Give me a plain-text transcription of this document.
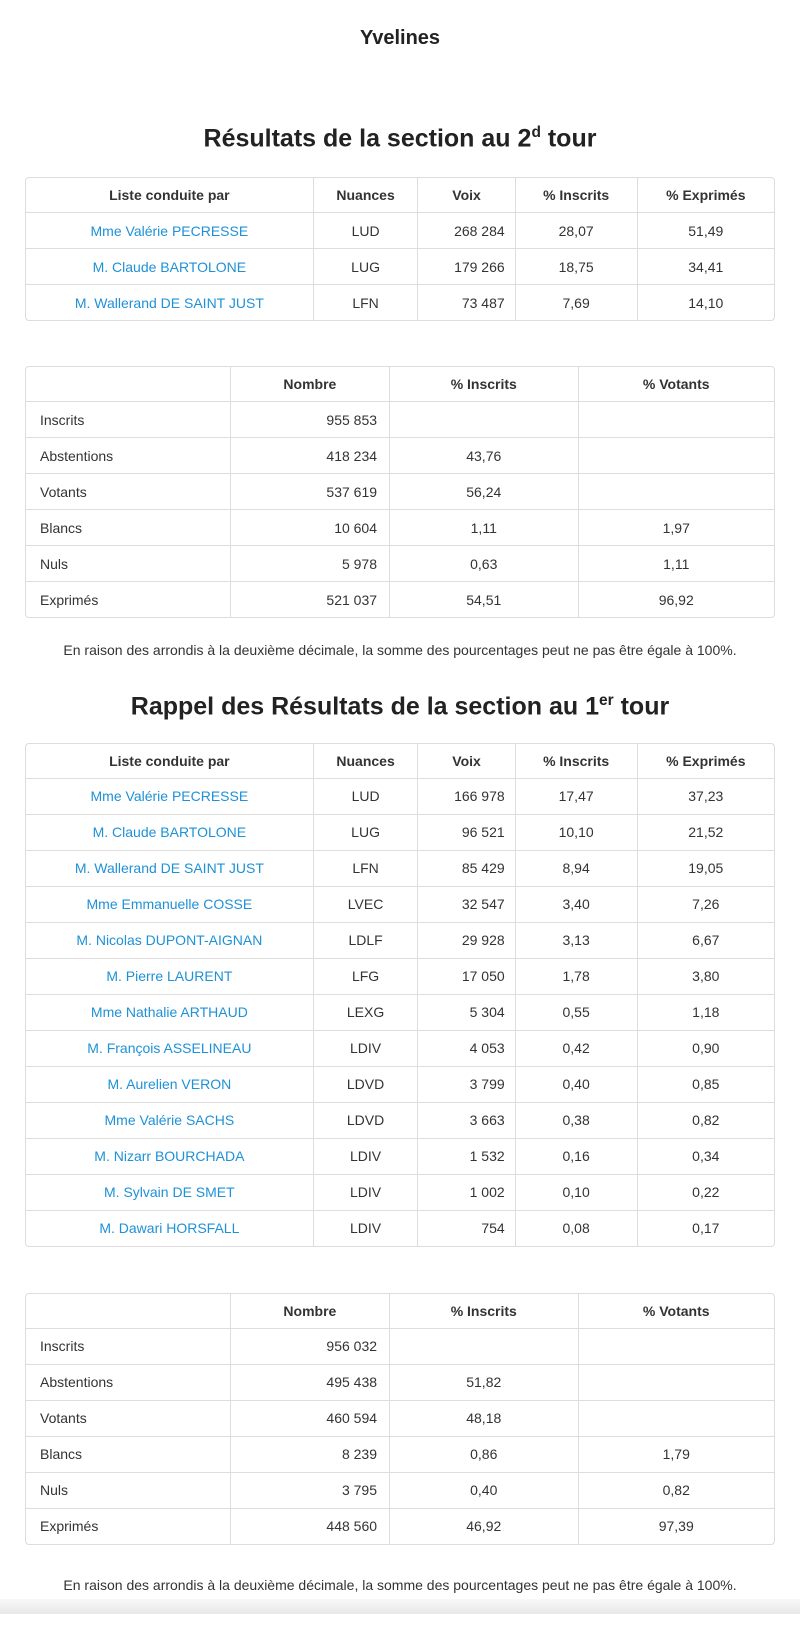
Yvelines
Résultats de la section au 2$^d$ tour
Liste conduite par	Nuances	Voix	% Inscrits	% Exprimés
Mme Valérie PECRESSE	LUD	268 284	28,07	51,49
M. Claude BARTOLONE	LUG	179 266	18,75	34,41
M. Wallerand DE SAINT JUST	LFN	73 487	7,69	14,10
	Nombre	% Inscrits	% Votants
Inscrits	955 853		
Abstentions	418 234	43,76	
Votants	537 619	56,24	
Blancs	10 604	1,11	1,97
Nuls	5 978	0,63	1,11
Exprimés	521 037	54,51	96,92

En raison des arrondis à la deuxième décimale, la somme des pourcentages peut ne pas être égale à 100%.

Rappel des Résultats de la section au 1er tour
Liste conduite par	Nuances	Voix	% Inscrits	% Exprimés
Mme Valérie PECRESSE	LUD	166 978	17,47	37,23
M. Claude BARTOLONE	LUG	96 521	10,10	21,52
M. Wallerand DE SAINT JUST	LFN	85 429	8,94	19,05
Mme Emmanuelle COSSE	LVEC	32 547	3,40	7,26
M. Nicolas DUPONT-AIGNAN	LDLF	29 928	3,13	6,67
M. Pierre LAURENT	LFG	17 050	1,78	3,80
Mme Nathalie ARTHAUD	LEXG	5 304	0,55	1,18
M. François ASSELINEAU	LDIV	4 053	0,42	0,90
M. Aurelien VERON	LDVD	3 799	0,40	0,85
Mme Valérie SACHS	LDVD	3 663	0,38	0,82
M. Nizarr BOURCHADA	LDIV	1 532	0,16	0,34
M. Sylvain DE SMET	LDIV	1 002	0,10	0,22
M. Dawari HORSFALL	LDIV	754	0,08	0,17
	Nombre	% Inscrits	% Votants
Inscrits	956 032		
Abstentions	495 438	51,82	
Votants	460 594	48,18	
Blancs	8 239	0,86	1,79
Nuls	3 795	0,40	0,82
Exprimés	448 560	46,92	97,39

En raison des arrondis à la deuxième décimale, la somme des pourcentages peut ne pas être égale à 100%.
